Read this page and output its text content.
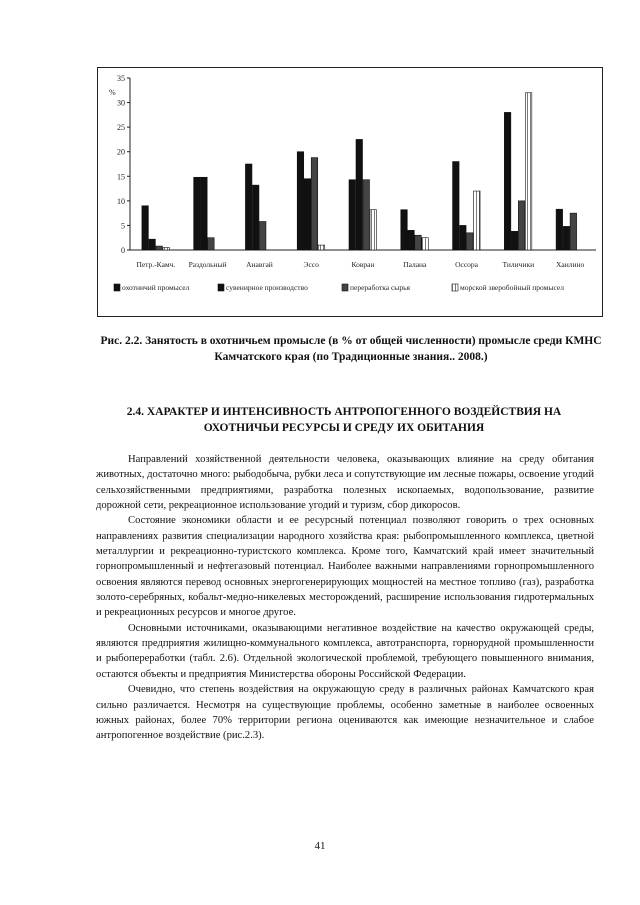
0
5
10
15
20
25
30
35
%
Петр.-Камч. Раздольный	Анавгай	Эссо	Ковран	Палана	Оссора	Тиличики	Хаилино
охотничий промысел	сувенирное производство	переработка сырья	морской зверобойный промысел
Рис. 2.2. Занятость в охотничьем промысле (в % от общей численности) промысле среди КМНС Камчатского края (по Традиционные знания.. 2008.)
2.4. ХАРАКТЕР И ИНТЕНСИВНОСТЬ АНТРОПОГЕННОГО ВОЗДЕЙСТВИЯ НА ОХОТНИЧЬИ РЕСУРСЫ И СРЕДУ ИХ ОБИТАНИЯ

Направлений хозяйственной деятельности человека, оказывающих влияние на среду обитания животных, достаточно много: рыбодобыча, рубки леса и сопутствующие им лесные пожары, освоение угодий сельхозяйственными предприятиями, разработка полезных ископаемых, водопользование, развитие дорожной сети, рекреационное использование угодий и туризм, сбор дикоросов.

Состояние экономики области и ее ресурсный потенциал позволяют говорить о трех основных направлениях развития специализации народного хозяйства края: рыбопромышленного комплекса, цветной металлургии и рекреационно-туристского комплекса. Кроме того, Камчатский край имеет значительный горнопромышленный и нефтегазовый потенциал. Наиболее важными направлениями горнопромышленного освоения являются перевод основных энергогенерирующих мощностей на местное топливо (газ), разработка золото-серебряных, кобальт-медно-никелевых месторождений, расширение использования гидротермальных и рекреационных ресурсов и многое другое.

Основными источниками, оказывающими негативное воздействие на качество окружающей среды, являются предприятия жилищно-коммунального комплекса, автотранспорта, горнорудной промышленности и рыбопереработки (табл. 2.6). Отдельной экологической проблемой, требующего повышенного внимания, остаются объекты и предприятия Министерства обороны Российской Федерации.

Очевидно, что степень воздействия на окружающую среду в различных районах Камчатского края сильно различается. Несмотря на существующие проблемы, особенно заметные в наиболее освоенных южных районах, более 70% территории региона оцениваются как имеющие незначительное и слабое антропогенное воздействие (рис.2.3).

41
